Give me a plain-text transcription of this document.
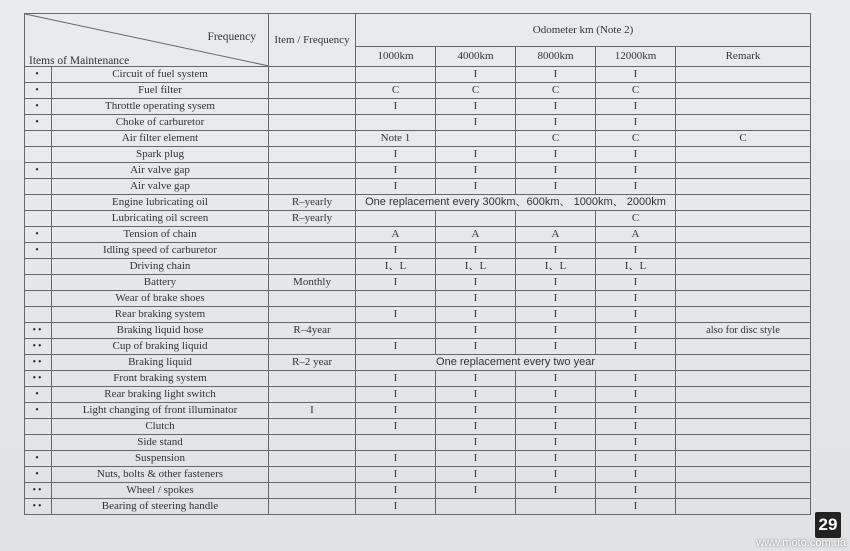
Frequency
Items of Maintenance		Item / Frequency	Odometer km (Note 2)				
			1000km	4000km	8000km	12000km	Remark
•	Circuit of fuel system			I	I	I	
•	Fuel filter		C	C	C	C	
•	Throttle operating sysem		I	I	I	I	
•	Choke of carburetor			I	I	I	
	Air filter element		Note 1		C	C	C
	Spark plug		I	I	I	I	
•	Air valve gap		I	I	I	I	
	Air valve gap		I	I	I	I	
	Engine lubricating oil	R–yearly	One replacement every 300km、600km、 1000km、 2000km				
	Lubricating oil screen	R–yearly				C	
•	Tension of chain		A	A	A	A	
•	Idling speed of carburetor		I	I	I	I	
	Driving chain		I、L	I、L	I、L	I、L	
	Battery	Monthly	I	I	I	I	
	Wear of brake shoes			I	I	I	
	Rear braking system		I	I	I	I	
••	Braking liquid hose	R–4year		I	I	I	also for disc style
••	Cup of braking liquid		I	I	I	I	
••	Braking liquid	R–2 year	One replacement every two year				
••	Front braking system		I	I	I	I	
•	Rear braking light switch		I	I	I	I	
•	Light changing of front illuminator	I	I	I	I	I	
	Clutch		I	I	I	I	
	Side stand			I	I	I	
•	Suspension		I	I	I	I	
•	Nuts, bolts & other fasteners		I	I	I	I	
••	Wheel / spokes		I	I	I	I	
••	Bearing of steering handle		I			I	
29
www.moto.com.ua
